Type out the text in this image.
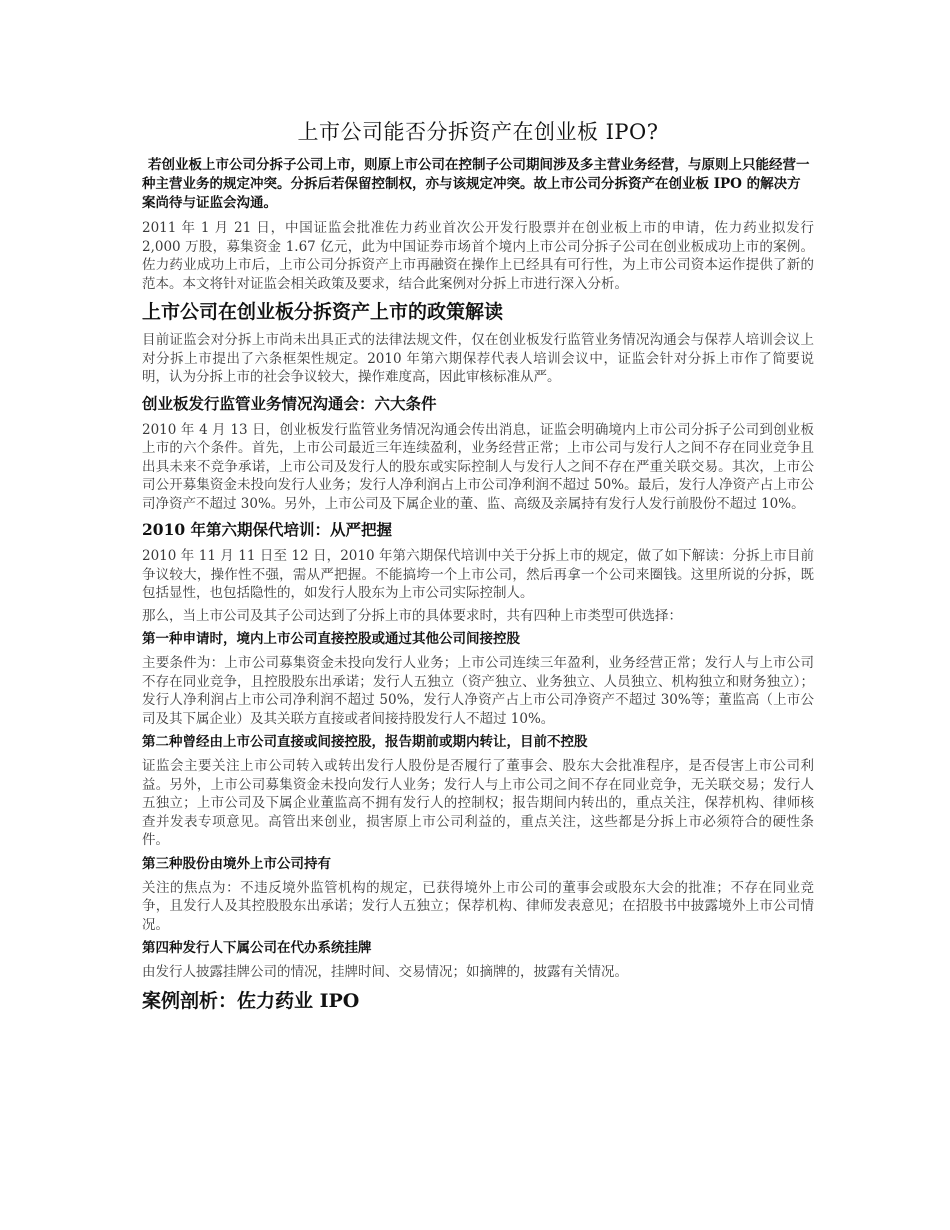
上市公司能否分拆资产在创业板 IPO?

若创业板上市公司分拆子公司上市，则原上市公司在控制子公司期间涉及多主营业务经营，与原则上只能经营一种主营业务的规定冲突。分拆后若保留控制权，亦与该规定冲突。故上市公司分拆资产在创业板 IPO 的解决方案尚待与证监会沟通。

2011 年 1 月 21 日，中国证监会批准佐力药业首次公开发行股票并在创业板上市的申请，佐力药业拟发行 2,000 万股，募集资金 1.67 亿元，此为中国证券市场首个境内上市公司分拆子公司在创业板成功上市的案例。佐力药业成功上市后，上市公司分拆资产上市再融资在操作上已经具有可行性，为上市公司资本运作提供了新的范本。本文将针对证监会相关政策及要求，结合此案例对分拆上市进行深入分析。

上市公司在创业板分拆资产上市的政策解读

目前证监会对分拆上市尚未出具正式的法律法规文件，仅在创业板发行监管业务情况沟通会与保荐人培训会议上对分拆上市提出了六条框架性规定。2010 年第六期保荐代表人培训会议中，证监会针对分拆上市作了简要说明，认为分拆上市的社会争议较大，操作难度高，因此审核标准从严。

创业板发行监管业务情况沟通会：六大条件

2010 年 4 月 13 日，创业板发行监管业务情况沟通会传出消息，证监会明确境内上市公司分拆子公司到创业板上市的六个条件。首先，上市公司最近三年连续盈利，业务经营正常；上市公司与发行人之间不存在同业竞争且出具未来不竞争承诺，上市公司及发行人的股东或实际控制人与发行人之间不存在严重关联交易。其次，上市公司公开募集资金未投向发行人业务；发行人净利润占上市公司净利润不超过 50%。最后，发行人净资产占上市公司净资产不超过 30%。另外，上市公司及下属企业的董、监、高级及亲属持有发行人发行前股份不超过 10%。

2010 年第六期保代培训：从严把握

2010 年 11 月 11 日至 12 日，2010 年第六期保代培训中关于分拆上市的规定，做了如下解读：分拆上市目前争议较大，操作性不强，需从严把握。不能搞垮一个上市公司，然后再拿一个公司来圈钱。这里所说的分拆，既包括显性，也包括隐性的，如发行人股东为上市公司实际控制人。

那么，当上市公司及其子公司达到了分拆上市的具体要求时，共有四种上市类型可供选择：

第一种申请时，境内上市公司直接控股或通过其他公司间接控股

主要条件为：上市公司募集资金未投向发行人业务；上市公司连续三年盈利，业务经营正常；发行人与上市公司不存在同业竞争，且控股股东出承诺；发行人五独立（资产独立、业务独立、人员独立、机构独立和财务独立）；发行人净利润占上市公司净利润不超过 50%，发行人净资产占上市公司净资产不超过 30%等；董监高（上市公司及其下属企业）及其关联方直接或者间接持股发行人不超过 10%。

第二种曾经由上市公司直接或间接控股，报告期前或期内转让，目前不控股

证监会主要关注上市公司转入或转出发行人股份是否履行了董事会、股东大会批准程序，是否侵害上市公司利益。另外，上市公司募集资金未投向发行人业务；发行人与上市公司之间不存在同业竞争，无关联交易；发行人五独立；上市公司及下属企业董监高不拥有发行人的控制权；报告期间内转出的，重点关注，保荐机构、律师核查并发表专项意见。高管出来创业，损害原上市公司利益的，重点关注，这些都是分拆上市必须符合的硬性条件。

第三种股份由境外上市公司持有

关注的焦点为：不违反境外监管机构的规定，已获得境外上市公司的董事会或股东大会的批准；不存在同业竞争，且发行人及其控股股东出承诺；发行人五独立；保荐机构、律师发表意见；在招股书中披露境外上市公司情况。

第四种发行人下属公司在代办系统挂牌

由发行人披露挂牌公司的情况，挂牌时间、交易情况；如摘牌的，披露有关情况。

案例剖析：佐力药业 IPO
